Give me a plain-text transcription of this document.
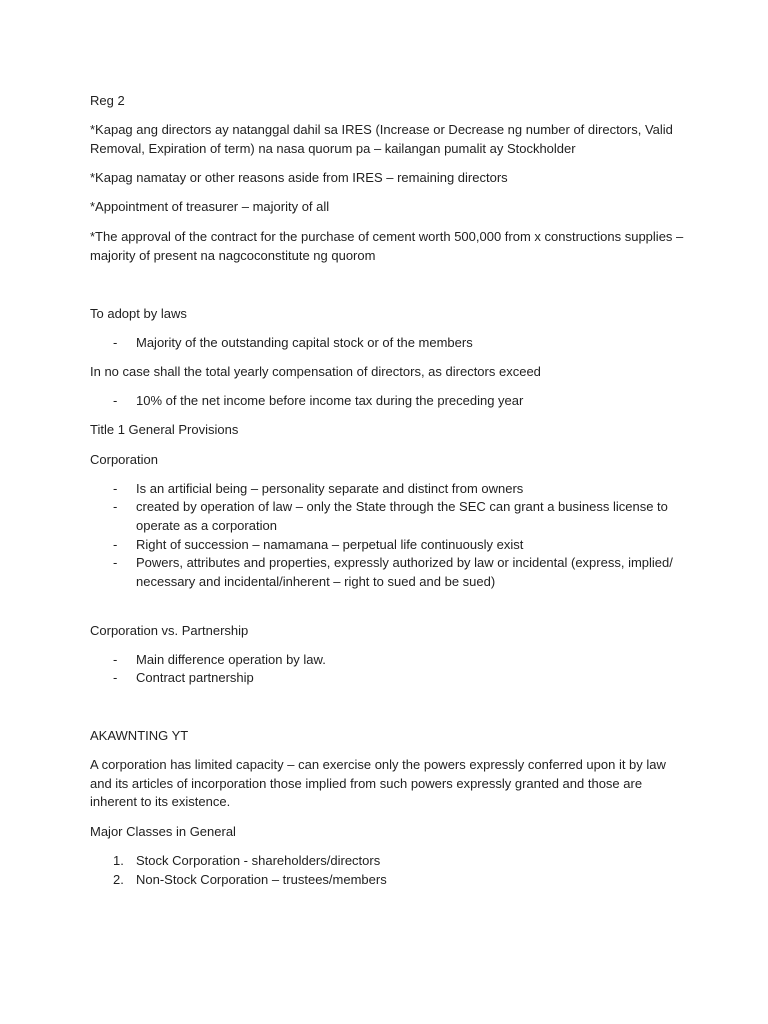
Reg 2
*Kapag ang directors ay natanggal dahil sa IRES (Increase or Decrease ng number of directors, Valid Removal, Expiration of term) na nasa quorum pa – kailangan pumalit ay Stockholder
*Kapag namatay or other reasons aside from IRES – remaining directors
*Appointment of treasurer – majority of all
*The approval of the contract for the purchase of cement worth 500,000 from x constructions supplies – majority of present na nagcoconstitute ng quorom
To adopt by laws
- Majority of the outstanding capital stock or of the members
In no case shall the total yearly compensation of directors, as directors exceed
- 10% of the net income before income tax during the preceding year
Title 1 General Provisions
Corporation
- Is an artificial being – personality separate and distinct from owners
- created by operation of law – only the State through the SEC can grant a business license to operate as a corporation
- Right of succession – namamana – perpetual life continuously exist
- Powers, attributes and properties, expressly authorized by law or incidental (express, implied/ necessary and incidental/inherent – right to sued and be sued)
Corporation vs. Partnership
- Main difference operation by law.
- Contract partnership
AKAWNTING YT
A corporation has limited capacity – can exercise only the powers expressly conferred upon it by law and its articles of incorporation those implied from such powers expressly granted and those are inherent to its existence.
Major Classes in General
1. Stock Corporation - shareholders/directors
2. Non-Stock Corporation – trustees/members
